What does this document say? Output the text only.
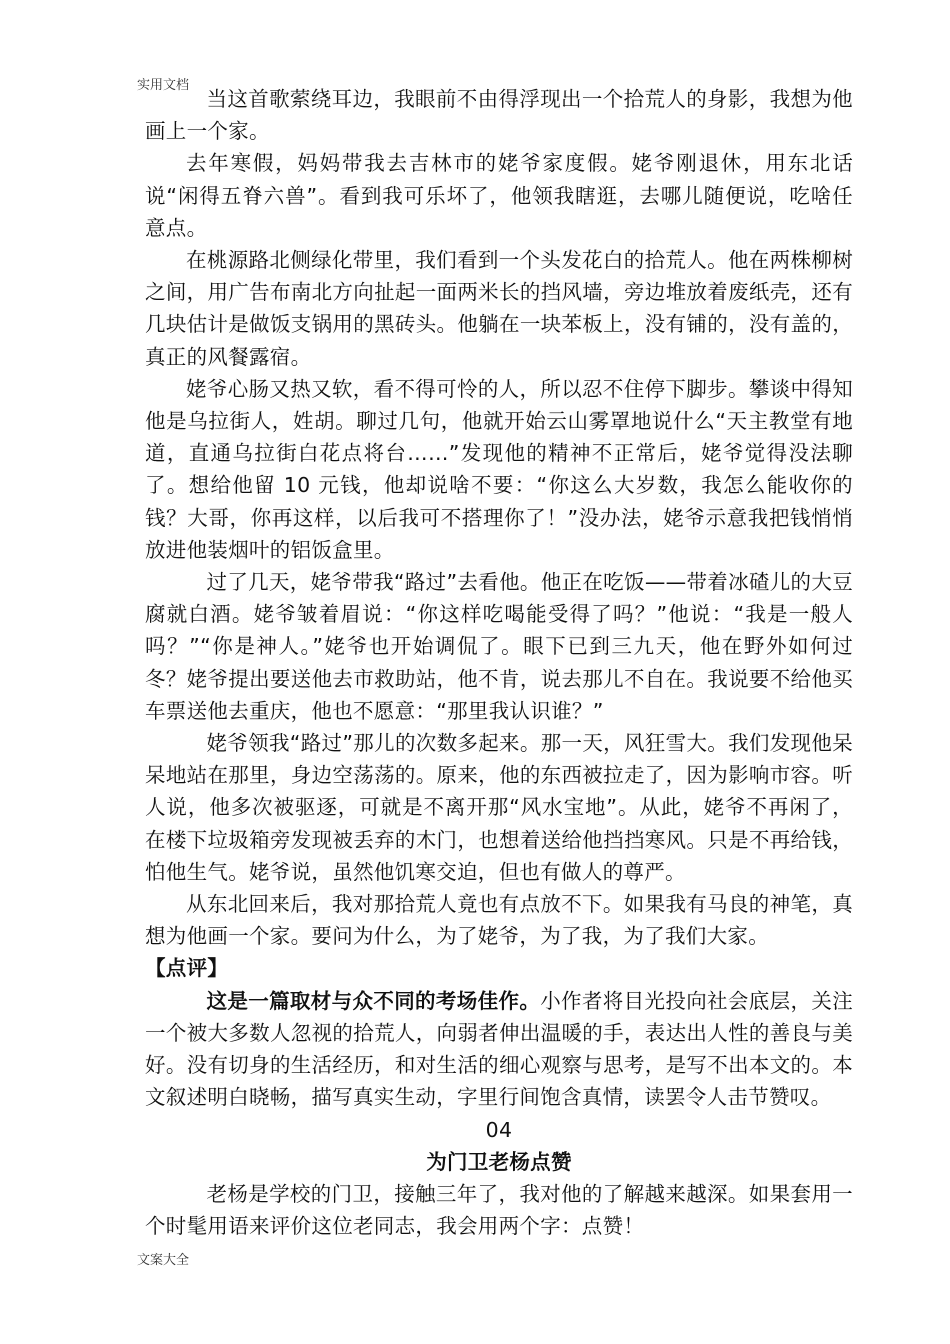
实用文档

当这首歌萦绕耳边，我眼前不由得浮现出一个拾荒人的身影，我想为他画上一个家。

去年寒假，妈妈带我去吉林市的姥爷家度假。姥爷刚退休，用东北话说“闲得五脊六兽”。看到我可乐坏了，他领我瞎逛，去哪儿随便说，吃啥任意点。

在桃源路北侧绿化带里，我们看到一个头发花白的拾荒人。他在两株柳树之间，用广告布南北方向扯起一面两米长的挡风墙，旁边堆放着废纸壳，还有几块估计是做饭支锅用的黑砖头。他躺在一块苯板上，没有铺的，没有盖的，真正的风餐露宿。

姥爷心肠又热又软，看不得可怜的人，所以忍不住停下脚步。攀谈中得知他是乌拉街人，姓胡。聊过几句，他就开始云山雾罩地说什么“天主教堂有地道，直通乌拉街白花点将台……”发现他的精神不正常后，姥爷觉得没法聊了。想给他留 10 元钱，他却说啥不要：“你这么大岁数，我怎么能收你的钱？大哥，你再这样，以后我可不搭理你了！”没办法，姥爷示意我把钱悄悄放进他装烟叶的铝饭盒里。

过了几天，姥爷带我“路过”去看他。他正在吃饭——带着冰碴儿的大豆腐就白酒。姥爷皱着眉说：“你这样吃喝能受得了吗？”他说：“我是一般人吗？”“你是神人。”姥爷也开始调侃了。眼下已到三九天，他在野外如何过冬？姥爷提出要送他去市救助站，他不肯，说去那儿不自在。我说要不给他买车票送他去重庆，他也不愿意：“那里我认识谁？”

姥爷领我“路过”那儿的次数多起来。那一天，风狂雪大。我们发现他呆呆地站在那里，身边空荡荡的。原来，他的东西被拉走了，因为影响市容。听人说，他多次被驱逐，可就是不离开那“风水宝地”。从此，姥爷不再闲了，在楼下垃圾箱旁发现被丢弃的木门，也想着送给他挡挡寒风。只是不再给钱，怕他生气。姥爷说，虽然他饥寒交迫，但也有做人的尊严。

从东北回来后，我对那拾荒人竟也有点放不下。如果我有马良的神笔，真想为他画一个家。要问为什么，为了姥爷，为了我，为了我们大家。

【点评】

这是一篇取材与众不同的考场佳作。小作者将目光投向社会底层，关注一个被大多数人忽视的拾荒人，向弱者伸出温暖的手，表达出人性的善良与美好。没有切身的生活经历，和对生活的细心观察与思考，是写不出本文的。本文叙述明白晓畅，描写真实生动，字里行间饱含真情，读罢令人击节赞叹。

04

为门卫老杨点赞

老杨是学校的门卫，接触三年了，我对他的了解越来越深。如果套用一个时髦用语来评价这位老同志，我会用两个字：点赞！

文案大全
